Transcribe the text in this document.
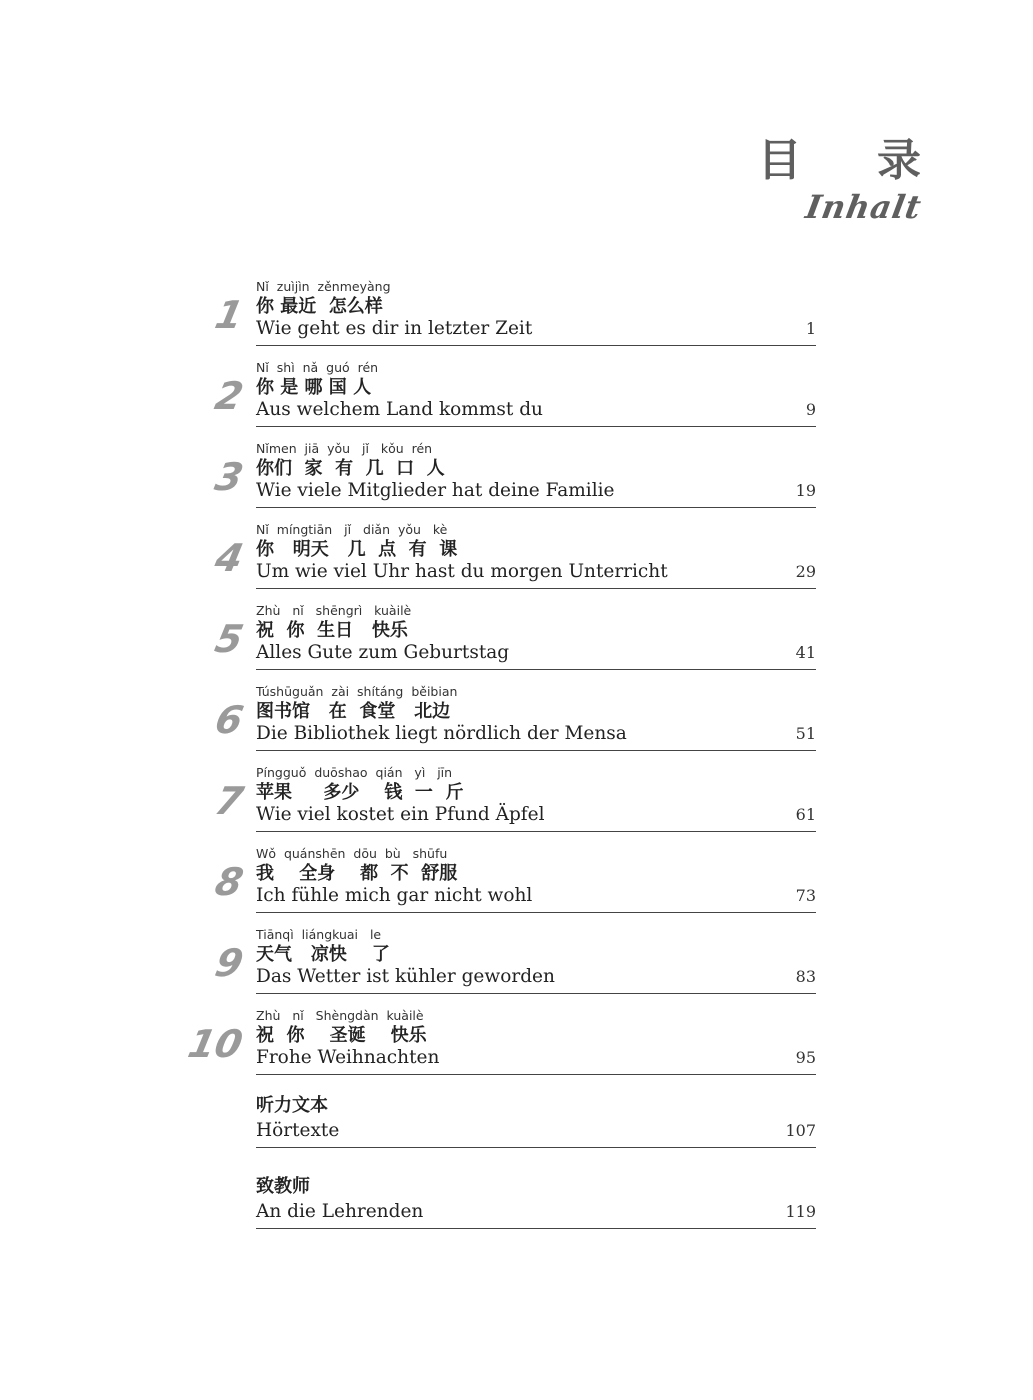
目 录
Inhalt
1
Nǐ  zuìjìn  zěnmeyàng
你 最近  怎么样
Wie geht es dir in letzter Zeit	1
2
Nǐ  shì  nǎ  guó  rén
你 是 哪 国 人
Aus welchem Land kommst du	9
3
Nǐmen  jiā  yǒu   jǐ   kǒu  rén
你们  家  有  几  口  人
Wie viele Mitglieder hat deine Familie	19
4
Nǐ  míngtiān   jǐ   diǎn  yǒu   kè
你   明天   几  点  有  课
Um wie viel Uhr hast du morgen Unterricht	29
5
Zhù   nǐ   shēngrì   kuàilè
祝  你  生日   快乐
Alles Gute zum Geburtstag	41
6
Túshūguǎn  zài  shítáng  běibian
图书馆   在  食堂   北边
Die Bibliothek liegt nördlich der Mensa	51
7
Píngguǒ  duōshao  qián   yì   jīn
苹果     多少    钱  一  斤
Wie viel kostet ein Pfund Äpfel	61
8
Wǒ  quánshēn  dōu  bù   shūfu
我    全身    都  不  舒服
Ich fühle mich gar nicht wohl	73
9
Tiānqì  liángkuai   le
天气   凉快    了
Das Wetter ist kühler geworden	83
10
Zhù   nǐ   Shèngdàn  kuàilè
祝  你    圣诞    快乐
Frohe Weihnachten	95
听力文本
Hörtexte	107
致教师
An die Lehrenden	119
